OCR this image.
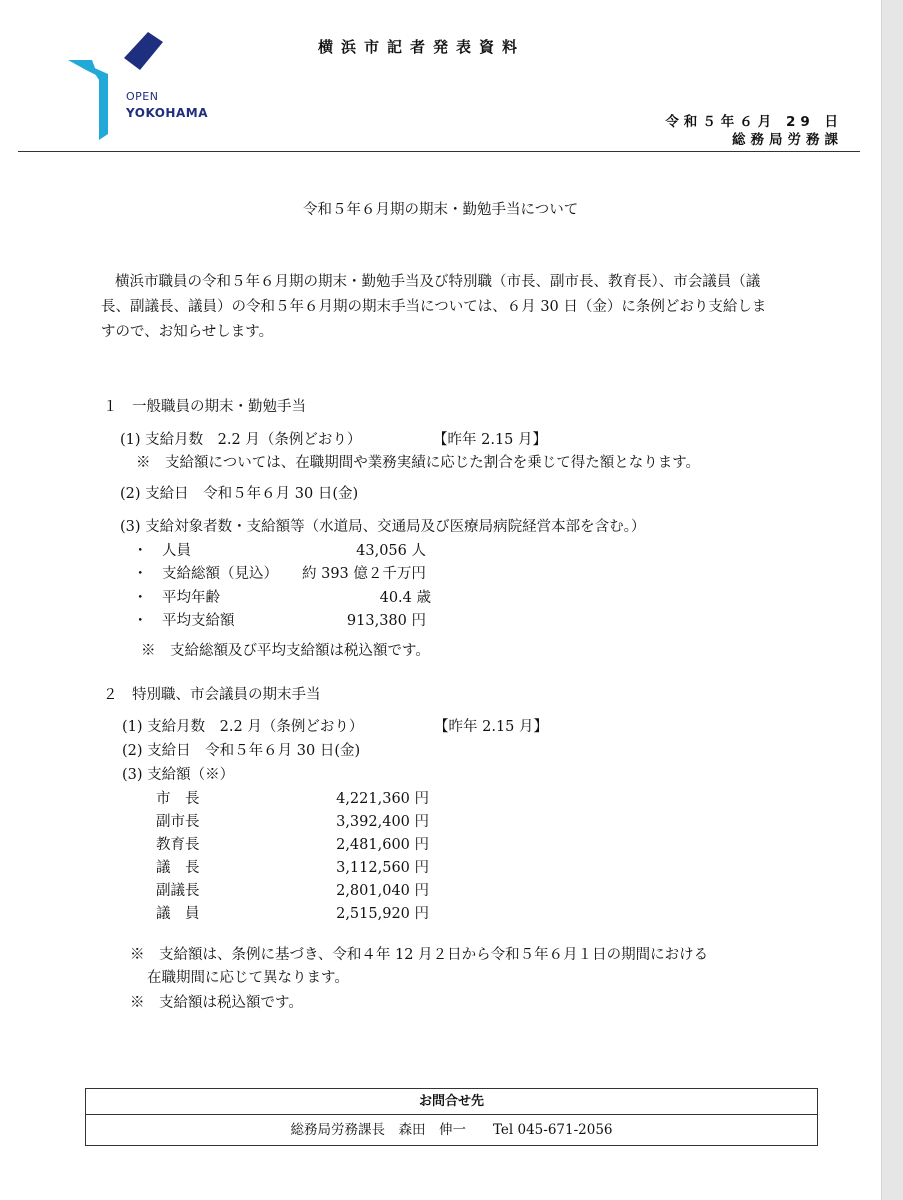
OPEN
YOKOHAMA
横浜市記者発表資料
令和５年６月 29 日
総務局労務課
令和５年６月期の期末・勤勉手当について

横浜市職員の令和５年６月期の期末・勤勉手当及び特別職（市長、副市長、教育長）、市会議員（議

長、副議長、議員）の令和５年６月期の期末手当については、６月 30 日（金）に条例どおり支給しま

すので、お知らせします。

１　一般職員の期末・勤勉手当
(1) 支給月数　2.2 月（条例どおり）	【昨年 2.15 月】
※　支給額については、在職期間や業務実績に応じた割合を乗じて得た額となります。
(2) 支給日　令和５年６月 30 日(金)
(3) 支給対象者数・支給額等（水道局、交通局及び医療局病院経営本部を含む。）
・ 人員	43,056 人
・ 支給総額（見込） 約 393 億２千万円
・ 平均年齢	40.4 歳
・ 平均支給額	913,380 円
※　支給総額及び平均支給額は税込額です。
２　特別職、市会議員の期末手当
(1) 支給月数　2.2 月（条例どおり）	【昨年 2.15 月】
(2) 支給日　令和５年６月 30 日(金)
(3) 支給額（※）
市　長	4,221,360 円
副市長	3,392,400 円
教育長	2,481,600 円
議　長	3,112,560 円
副議長	2,801,040 円
議　員	2,515,920 円
※　支給額は、条例に基づき、令和４年 12 月２日から令和５年６月１日の期間における
在職期間に応じて異なります。
※　支給額は税込額です。
お問合せ先
総務局労務課長　森田　伸一　　Tel 045-671-2056
